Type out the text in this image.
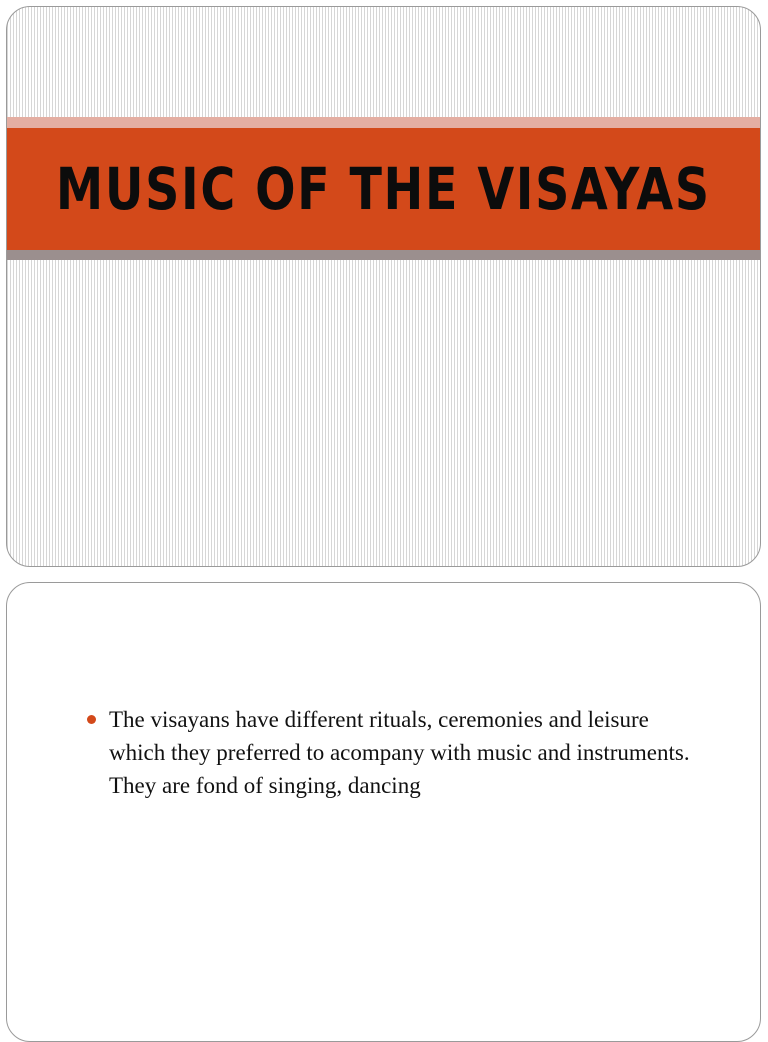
MUSIC OF THE VISAYAS
The visayans have different rituals, ceremonies and leisure which they preferred to acompany with music and instruments. They are fond of singing, dancing
